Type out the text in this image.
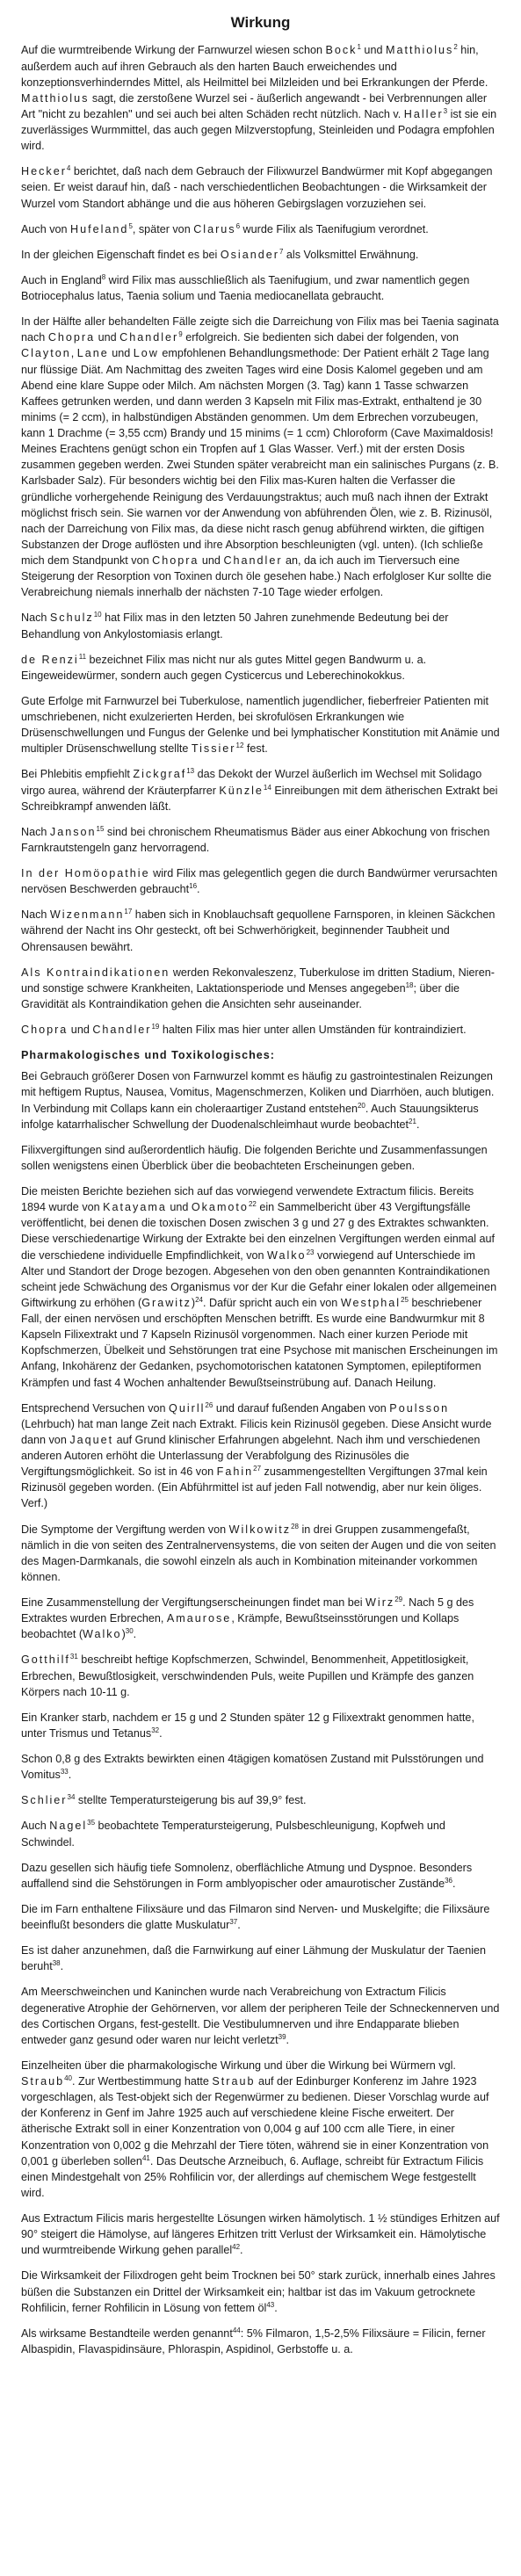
Wirkung

Auf die wurmtreibende Wirkung der Farnwurzel wiesen schon Bock$^1$ und Matthiolus$^2$ hin, außerdem auch auf ihren Gebrauch als den harten Bauch erweichendes und konzeptionsverhinderndes Mittel, als Heilmittel bei Milzleiden und bei Erkrankungen der Pferde. Matthiolus sagt, die zerstoßene Wurzel sei - äußerlich angewandt - bei Verbrennungen aller Art "nicht zu bezahlen" und sei auch bei alten Schäden recht nützlich. Nach v. Haller$^3$ ist sie ein zuverlässiges Wurmmittel, das auch gegen Milzverstopfung, Steinleiden und Podagra empfohlen wird.

Hecker$^4$ berichtet, daß nach dem Gebrauch der Filixwurzel Bandwürmer mit Kopf abgegangen seien. Er weist darauf hin, daß - nach verschiedentlichen Beobachtungen - die Wirksamkeit der Wurzel vom Standort abhänge und die aus höheren Gebirgslagen vorzuziehen sei.

Auch von Hufeland$^5$, später von Clarus$^6$ wurde Filix als Taenifugium verordnet.

In der gleichen Eigenschaft findet es bei Osiander$^7$ als Volksmittel Erwähnung.

Auch in England$^8$ wird Filix mas ausschließlich als Taenifugium, und zwar namentlich gegen Botriocephalus latus, Taenia solium und Taenia mediocanellata gebraucht.

In der Hälfte aller behandelten Fälle zeigte sich die Darreichung von Filix mas bei Taenia saginata nach Chopra und Chandler$^9$ erfolgreich. Sie bedienten sich dabei der folgenden, von Clayton, Lane und Low empfohlenen Behandlungsmethode: Der Patient erhält 2 Tage lang nur flüssige Diät. Am Nachmittag des zweiten Tages wird eine Dosis Kalomel gegeben und am Abend eine klare Suppe oder Milch. Am nächsten Morgen (3. Tag) kann 1 Tasse schwarzen Kaffees getrunken werden, und dann werden 3 Kapseln mit Filix mas-Extrakt, enthaltend je 30 minims (= 2 ccm), in halbstündigen Abständen genommen. Um dem Erbrechen vorzubeugen, kann 1 Drachme (= 3,55 ccm) Brandy und 15 minims (= 1 ccm) Chloroform (Cave Maximaldosis! Meines Erachtens genügt schon ein Tropfen auf 1 Glas Wasser. Verf.) mit der ersten Dosis zusammen gegeben werden. Zwei Stunden später verabreicht man ein salinisches Purgans (z. B. Karlsbader Salz). Für besonders wichtig bei den Filix mas-Kuren halten die Verfasser die gründliche vorhergehende Reinigung des Verdauungstraktus; auch muß nach ihnen der Extrakt möglichst frisch sein. Sie warnen vor der Anwendung von abführenden Ölen, wie z. B. Rizinusöl, nach der Darreichung von Filix mas, da diese nicht rasch genug abführend wirkten, die giftigen Substanzen der Droge auflösten und ihre Absorption beschleunigten (vgl. unten). (Ich schließe mich dem Standpunkt von Chopra und Chandler an, da ich auch im Tierversuch eine Steigerung der Resorption von Toxinen durch öle gesehen habe.) Nach erfolgloser Kur sollte die Verabreichung niemals innerhalb der nächsten 7-10 Tage wieder erfolgen.

Nach Schulz$^{10}$ hat Filix mas in den letzten 50 Jahren zunehmende Bedeutung bei der Behandlung von Ankylostomiasis erlangt.

de Renzi$^{11}$ bezeichnet Filix mas nicht nur als gutes Mittel gegen Bandwurm u. a. Eingeweidewürmer, sondern auch gegen Cysticercus und Leberechinokokkus.

Gute Erfolge mit Farnwurzel bei Tuberkulose, namentlich jugendlicher, fieberfreier Patienten mit umschriebenen, nicht exulzerierten Herden, bei skrofulösen Erkrankungen wie Drüsenschwellungen und Fungus der Gelenke und bei lymphatischer Konstitution mit Anämie und multipler Drüsenschwellung stellte Tissier$^{12}$ fest.

Bei Phlebitis empfiehlt Zickgraf$^{13}$ das Dekokt der Wurzel äußerlich im Wechsel mit Solidago virgo aurea, während der Kräuterpfarrer Künzle$^{14}$ Einreibungen mit dem ätherischen Extrakt bei Schreibkrampf anwenden läßt.

Nach Janson$^{15}$ sind bei chronischem Rheumatismus Bäder aus einer Abkochung von frischen Farnkrautstengeln ganz hervorragend.

In der Homöopathie wird Filix mas gelegentlich gegen die durch Bandwürmer verursachten nervösen Beschwerden gebraucht$^{16}$.

Nach Wizenmann$^{17}$ haben sich in Knoblauchsaft gequollene Farnsporen, in kleinen Säckchen während der Nacht ins Ohr gesteckt, oft bei Schwerhörigkeit, beginnender Taubheit und Ohrensausen bewährt.

Als Kontraindikationen werden Rekonvaleszenz, Tuberkulose im dritten Stadium, Nieren- und sonstige schwere Krankheiten, Laktationsperiode und Menses angegeben$^{18}$; über die Gravidität als Kontraindikation gehen die Ansichten sehr auseinander.

Chopra und Chandler$^{19}$ halten Filix mas hier unter allen Umständen für kontraindiziert.

Pharmakologisches und Toxikologisches:

Bei Gebrauch größerer Dosen von Farnwurzel kommt es häufig zu gastrointestinalen Reizungen mit heftigem Ruptus, Nausea, Vomitus, Magenschmerzen, Koliken und Diarrhöen, auch blutigen. In Verbindung mit Collaps kann ein choleraartiger Zustand entstehen$^{20}$. Auch Stauungsikterus infolge katarrhalischer Schwellung der Duodenalschleimhaut wurde beobachtet$^{21}$.

Filixvergiftungen sind außerordentlich häufig. Die folgenden Berichte und Zusammenfassungen sollen wenigstens einen Überblick über die beobachteten Erscheinungen geben.

Die meisten Berichte beziehen sich auf das vorwiegend verwendete Extractum filicis. Bereits 1894 wurde von Katayama und Okamoto$^{22}$ ein Sammelbericht über 43 Vergiftungsfälle veröffentlicht, bei denen die toxischen Dosen zwischen 3 g und 27 g des Extraktes schwankten. Diese verschiedenartige Wirkung der Extrakte bei den einzelnen Vergiftungen werden einmal auf die verschiedene individuelle Empfindlichkeit, von Walko$^{23}$ vorwiegend auf Unterschiede im Alter und Standort der Droge bezogen. Abgesehen von den oben genannten Kontraindikationen scheint jede Schwächung des Organismus vor der Kur die Gefahr einer lokalen oder allgemeinen Giftwirkung zu erhöhen (Grawitz)$^{24}$. Dafür spricht auch ein von Westphal$^{25}$ beschriebener Fall, der einen nervösen und erschöpften Menschen betrifft. Es wurde eine Bandwurmkur mit 8 Kapseln Filixextrakt und 7 Kapseln Rizinusöl vorgenommen. Nach einer kurzen Periode mit Kopfschmerzen, Übelkeit und Sehstörungen trat eine Psychose mit manischen Erscheinungen im Anfang, Inkohärenz der Gedanken, psychomotorischen katatonen Symptomen, epileptiformen Krämpfen und fast 4 Wochen anhaltender Bewußtseinstrübung auf. Danach Heilung.

Entsprechend Versuchen von Quirll$^{26}$ und darauf fußenden Angaben von Poulsson (Lehrbuch) hat man lange Zeit nach Extrakt. Filicis kein Rizinusöl gegeben. Diese Ansicht wurde dann von Jaquet auf Grund klinischer Erfahrungen abgelehnt. Nach ihm und verschiedenen anderen Autoren erhöht die Unterlassung der Verabfolgung des Rizinusöles die Vergiftungsmöglichkeit. So ist in 46 von Fahin$^{27}$ zusammengestellten Vergiftungen 37mal kein Rizinusöl gegeben worden. (Ein Abführmittel ist auf jeden Fall notwendig, aber nur kein öliges. Verf.)

Die Symptome der Vergiftung werden von Wilkowitz$^{28}$ in drei Gruppen zusammengefaßt, nämlich in die von seiten des Zentralnervensystems, die von seiten der Augen und die von seiten des Magen-Darmkanals, die sowohl einzeln als auch in Kombination miteinander vorkommen können.

Eine Zusammenstellung der Vergiftungserscheinungen findet man bei Wirz$^{29}$. Nach 5 g des Extraktes wurden Erbrechen, Amaurose, Krämpfe, Bewußtseinsstörungen und Kollaps beobachtet (Walko)$^{30}$.

Gotthilf$^{31}$ beschreibt heftige Kopfschmerzen, Schwindel, Benommenheit, Appetitlosigkeit, Erbrechen, Bewußtlosigkeit, verschwindenden Puls, weite Pupillen und Krämpfe des ganzen Körpers nach 10-11 g.

Ein Kranker starb, nachdem er 15 g und 2 Stunden später 12 g Filixextrakt genommen hatte, unter Trismus und Tetanus$^{32}$.

Schon 0,8 g des Extrakts bewirkten einen 4tägigen komatösen Zustand mit Pulsstörungen und Vomitus$^{33}$.

Schlier$^{34}$ stellte Temperatursteigerung bis auf 39,9° fest.

Auch Nagel$^{35}$ beobachtete Temperatursteigerung, Pulsbeschleunigung, Kopfweh und Schwindel.

Dazu gesellen sich häufig tiefe Somnolenz, oberflächliche Atmung und Dyspnoe. Besonders auffallend sind die Sehstörungen in Form amblyopischer oder amaurotischer Zustände$^{36}$.

Die im Farn enthaltene Filixsäure und das Filmaron sind Nerven- und Muskelgifte; die Filixsäure beeinflußt besonders die glatte Muskulatur$^{37}$.

Es ist daher anzunehmen, daß die Farnwirkung auf einer Lähmung der Muskulatur der Taenien beruht$^{38}$.

Am Meerschweinchen und Kaninchen wurde nach Verabreichung von Extractum Filicis degenerative Atrophie der Gehörnerven, vor allem der peripheren Teile der Schneckennerven und des Cortischen Organs, fest-gestellt. Die Vestibulumnerven und ihre Endapparate blieben entweder ganz gesund oder waren nur leicht verletzt$^{39}$.

Einzelheiten über die pharmakologische Wirkung und über die Wirkung bei Würmern vgl. Straub$^{40}$. Zur Wertbestimmung hatte Straub auf der Edinburger Konferenz im Jahre 1923 vorgeschlagen, als Test-objekt sich der Regenwürmer zu bedienen. Dieser Vorschlag wurde auf der Konferenz in Genf im Jahre 1925 auch auf verschiedene kleine Fische erweitert. Der ätherische Extrakt soll in einer Konzentration von 0,004 g auf 100 ccm alle Tiere, in einer Konzentration von 0,002 g die Mehrzahl der Tiere töten, während sie in einer Konzentration von 0,001 g überleben sollen$^{41}$. Das Deutsche Arzneibuch, 6. Auflage, schreibt für Extractum Filicis einen Mindestgehalt von 25% Rohfilicin vor, der allerdings auf chemischem Wege festgestellt wird.

Aus Extractum Filicis maris hergestellte Lösungen wirken hämolytisch. 1 ½ stündiges Erhitzen auf 90° steigert die Hämolyse, auf längeres Erhitzen tritt Verlust der Wirksamkeit ein. Hämolytische und wurmtreibende Wirkung gehen parallel$^{42}$.

Die Wirksamkeit der Filixdrogen geht beim Trocknen bei 50° stark zurück, innerhalb eines Jahres büßen die Substanzen ein Drittel der Wirksamkeit ein; haltbar ist das im Vakuum getrocknete Rohfilicin, ferner Rohfilicin in Lösung von fettem $öl^{43}$.

Als wirksame Bestandteile werden genannt$^{44}$: 5% Filmaron, 1,5-2,5% Filixsäure = Filicin, ferner Albaspidin, Flavaspidinsäure, Phloraspin, Aspidinol, Gerbstoffe u. a.
